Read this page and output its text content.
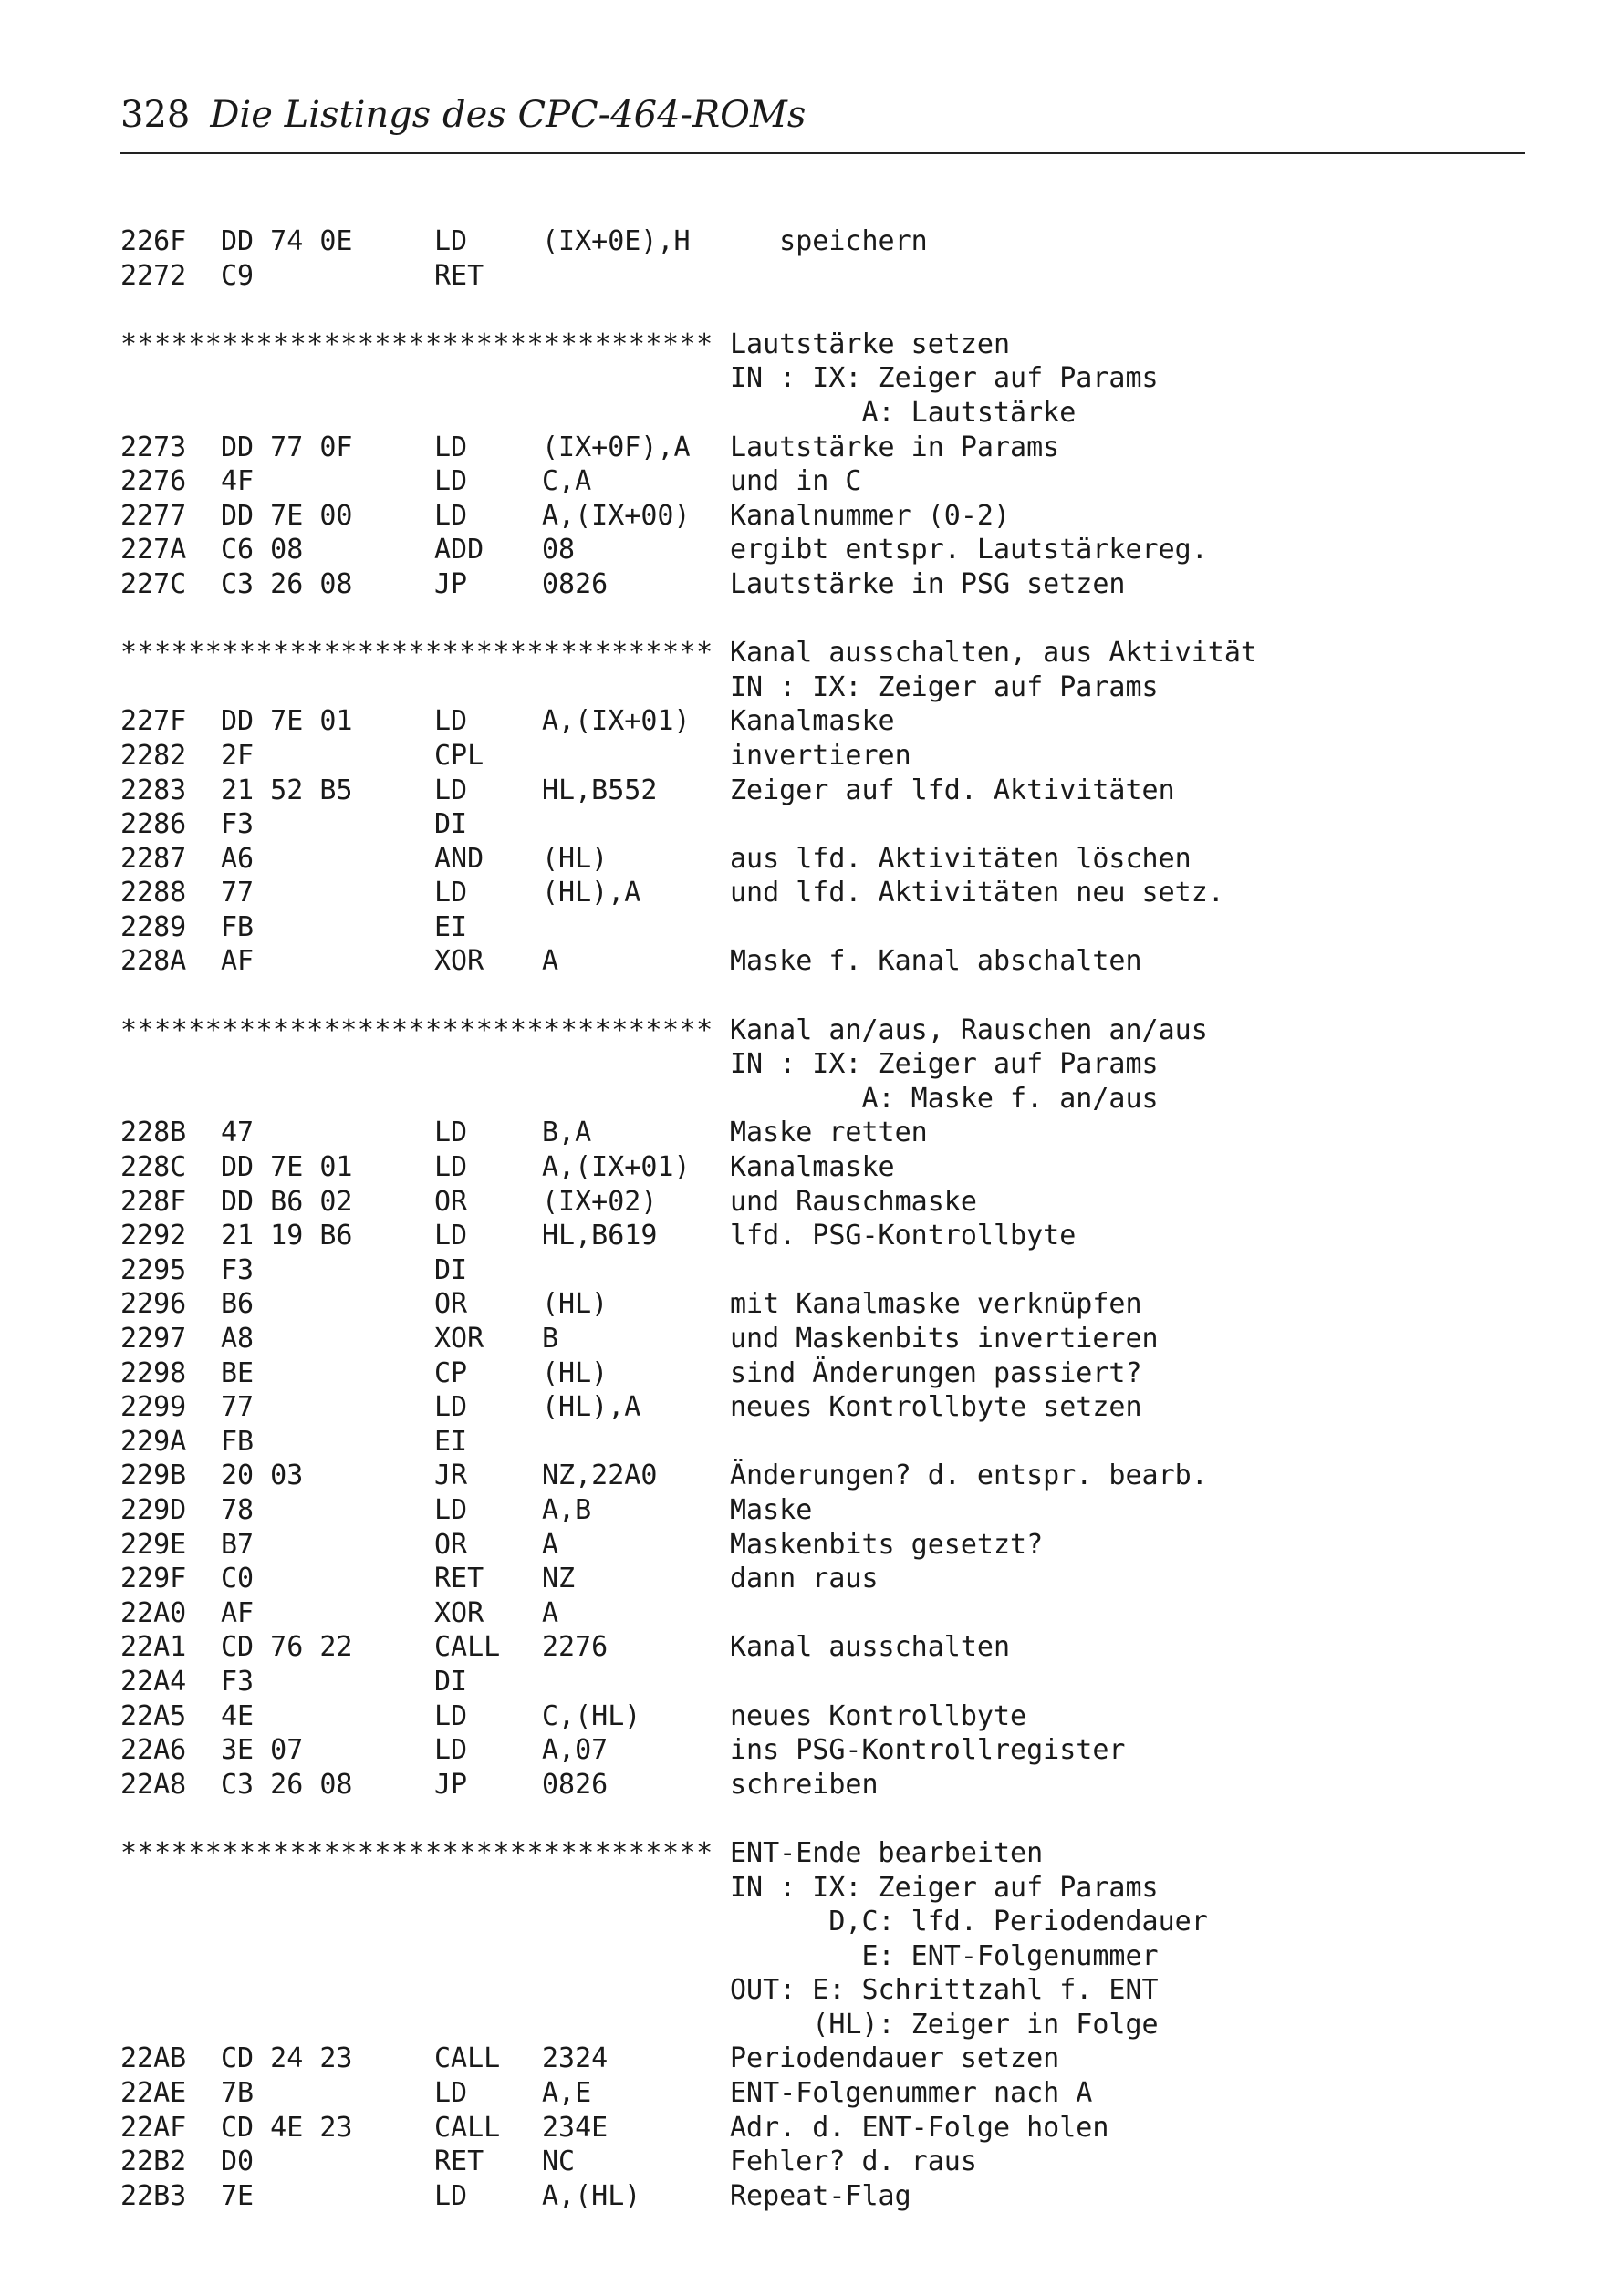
328 Die Listings des CPC-464-ROMs
226F DD 74 0E	LD	(IX+0E),H speichern
2272 C9	RET
*********************************** Lautstärke setzen
IN : IX: Zeiger auf Params
A: Lautstärke
2273 DD 77 0F	LD	(IX+0F),A Lautstärke in Params
2276 4F	LD	C,A	und in C
2277 DD 7E 00	LD	A,(IX+00) Kanalnummer (0-2)
227A C6 08	ADD 08	ergibt entspr. Lautstärkereg.
227C C3 26 08	JP	0826	Lautstärke in PSG setzen
*********************************** Kanal ausschalten, aus Aktivität
IN : IX: Zeiger auf Params
227F DD 7E 01	LD	A,(IX+01) Kanalmaske
2282 2F	CPL	invertieren
2283 21 52 B5	LD	HL,B552	Zeiger auf lfd. Aktivitäten
2286 F3	DI
2287 A6	AND (HL)	aus lfd. Aktivitäten löschen
2288 77	LD	(HL),A	und lfd. Aktivitäten neu setz.
2289 FB	EI
228A AF	XOR A	Maske f. Kanal abschalten
*********************************** Kanal an/aus, Rauschen an/aus
IN : IX: Zeiger auf Params
A: Maske f. an/aus
228B 47	LD	B,A	Maske retten
228C DD 7E 01	LD	A,(IX+01) Kanalmaske
228F DD B6 02	OR	(IX+02)	und Rauschmaske
2292 21 19 B6	LD	HL,B619	lfd. PSG-Kontrollbyte
2295 F3	DI
2296 B6	OR	(HL)	mit Kanalmaske verknüpfen
2297 A8	XOR B	und Maskenbits invertieren
2298 BE	CP	(HL)	sind Änderungen passiert?
2299 77	LD	(HL),A	neues Kontrollbyte setzen
229A FB	EI
229B 20 03	JR	NZ,22A0	Änderungen? d. entspr. bearb.
229D 78	LD	A,B	Maske
229E B7	OR	A	Maskenbits gesetzt?
229F C0	RET NZ	dann raus
22A0 AF	XOR A
22A1 CD 76 22	CALL 2276	Kanal ausschalten
22A4 F3	DI
22A5 4E	LD	C,(HL)	neues Kontrollbyte
22A6 3E 07	LD	A,07	ins PSG-Kontrollregister
22A8 C3 26 08	JP	0826	schreiben
*********************************** ENT-Ende bearbeiten
IN : IX: Zeiger auf Params
D,C: lfd. Periodendauer
E: ENT-Folgenummer
OUT: E: Schrittzahl f. ENT
(HL): Zeiger in Folge
22AB CD 24 23	CALL 2324	Periodendauer setzen
22AE 7B	LD	A,E	ENT-Folgenummer nach A
22AF CD 4E 23	CALL 234E	Adr. d. ENT-Folge holen
22B2 D0	RET NC	Fehler? d. raus
22B3 7E	LD	A,(HL)	Repeat-Flag
